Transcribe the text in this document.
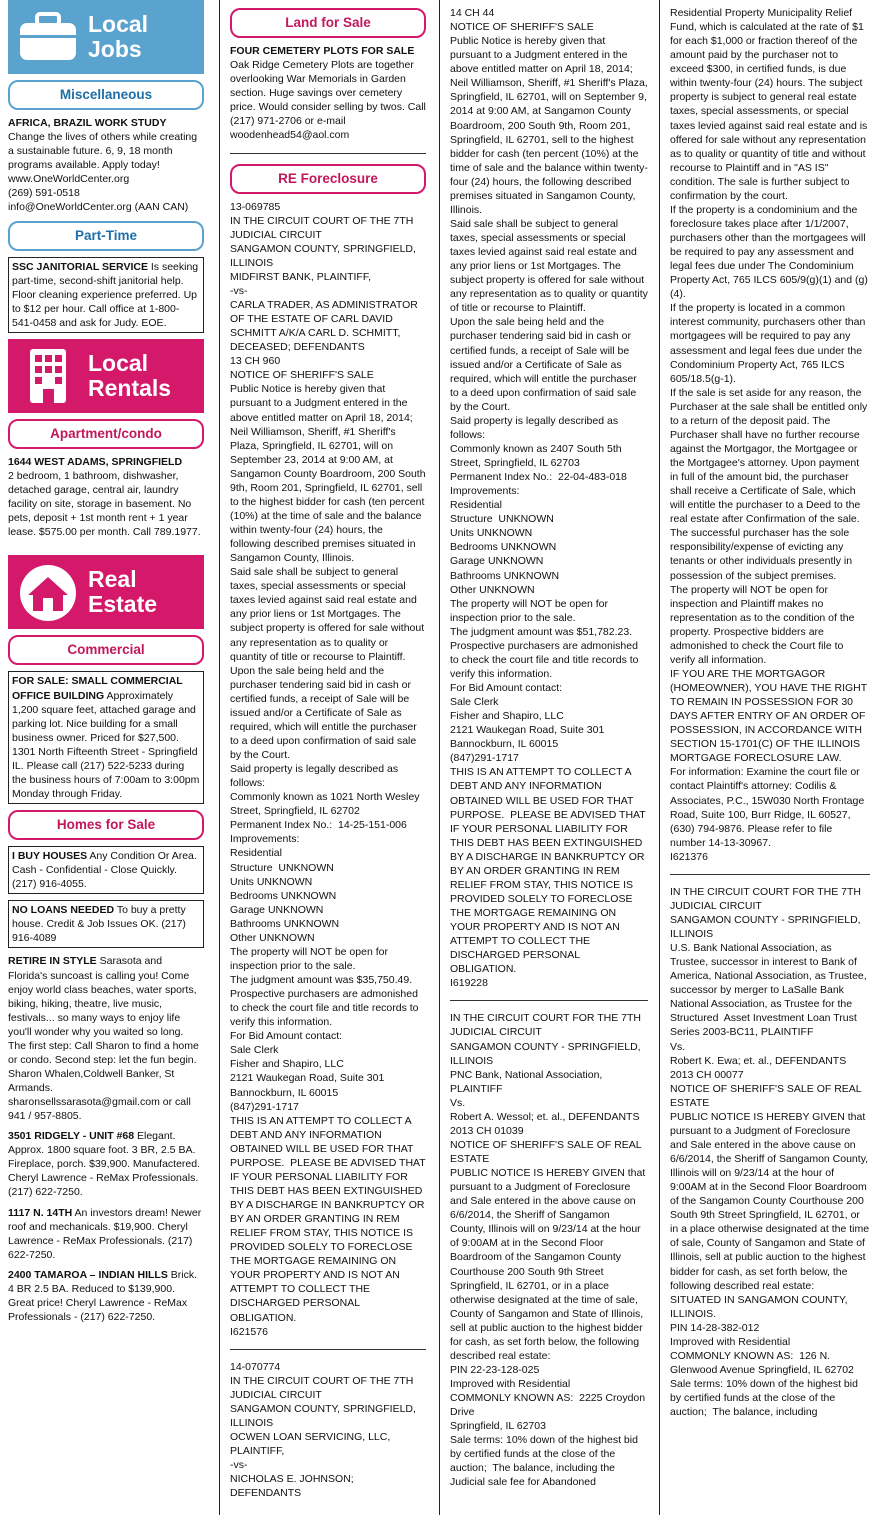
Local
Jobs
Miscellaneous
AFRICA, BRAZIL WORK STUDY Change the lives of others while creating a sustainable future. 6, 9, 18 month programs available. Apply today!
www.OneWorldCenter.org
(269) 591-0518 info@OneWorldCenter.org (AAN CAN)
Part-Time
SSC JANITORIAL SERVICE Is seeking part-time, second-shift janitorial help. Floor cleaning experience preferred. Up to $12 per hour. Call office at 1-800-541-0458 and ask for Judy. EOE.
Local
Rentals
Apartment/condo
1644 WEST ADAMS, SPRINGFIELD
2 bedroom, 1 bathroom, dishwasher, detached garage, central air, laundry facility on site, storage in basement. No pets, deposit + 1st month rent + 1 year lease. $575.00 per month. Call 789.1977.
Real
Estate
Commercial
FOR SALE: SMALL COMMERCIAL OFFICE BUILDING Approximately 1,200 square feet, attached garage and parking lot. Nice building for a small business owner. Priced for $27,500. 1301 North Fifteenth Street - Springfield IL. Please call (217) 522-5233 during the business hours of 7:00am to 3:00pm Monday through Friday.
Homes for Sale
I BUY HOUSES Any Condition Or Area. Cash - Confidential - Close Quickly. (217) 916-4055.
NO LOANS NEEDED To buy a pretty house. Credit & Job Issues OK. (217) 916-4089
RETIRE IN STYLE Sarasota and Florida's suncoast is calling you! Come enjoy world class beaches, water sports, biking, hiking, theatre, live music, festivals... so many ways to enjoy life you'll wonder why you waited so long. The first step: Call Sharon to find a home or condo. Second step: let the fun begin. Sharon Whalen,Coldwell Banker, St Armands. sharonsellssarasota@gmail.com or call 941 / 957-8805.
3501 RIDGELY - UNIT #68 Elegant. Approx. 1800 square foot. 3 BR, 2.5 BA. Fireplace, porch. $39,900. Manufactered. Cheryl Lawrence - ReMax Professionals. (217) 622-7250.
1117 N. 14TH An investors dream! Newer roof and mechanicals. $19,900. Cheryl Lawrence - ReMax Professionals. (217) 622-7250.
2400 TAMAROA – INDIAN HILLS Brick. 4 BR 2.5 BA. Reduced to $139,900. Great price! Cheryl Lawrence - ReMax Professionals - (217) 622-7250.
Land for Sale
FOUR CEMETERY PLOTS FOR SALE
Oak Ridge Cemetery Plots are together overlooking War Memorials in Garden section. Huge savings over cemetery price. Would consider selling by twos. Call (217) 971-2706 or e-mail woodenhead54@aol.com
RE Foreclosure
13-069785
IN THE CIRCUIT COURT OF THE 7TH JUDICIAL CIRCUIT
SANGAMON COUNTY, SPRINGFIELD, ILLINOIS
MIDFIRST BANK, PLAINTIFF,
-vs-
CARLA TRADER, AS ADMINISTRATOR OF THE ESTATE OF CARL DAVID SCHMITT A/K/A CARL D. SCHMITT, DECEASED; DEFENDANTS
13 CH 960
NOTICE OF SHERIFF'S SALE
Public Notice is hereby given that pursuant to a Judgment entered in the above entitled matter on April 18, 2014;
Neil Williamson, Sheriff, #1 Sheriff's Plaza, Springfield, IL 62701, will on September 23, 2014 at 9:00 AM, at Sangamon County Boardroom, 200 South 9th, Room 201, Springfield, IL 62701, sell to the highest bidder for cash (ten percent (10%) at the time of sale and the balance within twenty-four (24) hours, the following described premises situated in Sangamon County, Illinois.
Said sale shall be subject to general taxes, special assessments or special taxes levied against said real estate and any prior liens or 1st Mortgages. The subject property is offered for sale without any representation as to quality or quantity of title or recourse to Plaintiff.
Upon the sale being held and the purchaser tendering said bid in cash or certified funds, a receipt of Sale will be issued and/or a Certificate of Sale as required, which will entitle the purchaser to a deed upon confirmation of said sale by the Court.
Said property is legally described as follows:
Commonly known as 1021 North Wesley Street, Springfield, IL 62702
Permanent Index No.:  14-25-151-006
Improvements:
Residential
Structure  UNKNOWN
Units UNKNOWN
Bedrooms UNKNOWN
Garage UNKNOWN
Bathrooms UNKNOWN
Other UNKNOWN
The property will NOT be open for inspection prior to the sale.
The judgment amount was $35,750.49.
Prospective purchasers are admonished to check the court file and title records to verify this information.
For Bid Amount contact:
Sale Clerk
Fisher and Shapiro, LLC
2121 Waukegan Road, Suite 301
Bannockburn, IL 60015
(847)291-1717
THIS IS AN ATTEMPT TO COLLECT A DEBT AND ANY INFORMATION OBTAINED WILL BE USED FOR THAT PURPOSE.  PLEASE BE ADVISED THAT IF YOUR PERSONAL LIABILITY FOR THIS DEBT HAS BEEN EXTINGUISHED BY A DISCHARGE IN BANKRUPTCY OR BY AN ORDER GRANTING IN REM RELIEF FROM STAY, THIS NOTICE IS PROVIDED SOLELY TO FORECLOSE THE MORTGAGE REMAINING ON YOUR PROPERTY AND IS NOT AN ATTEMPT TO COLLECT THE DISCHARGED PERSONAL OBLIGATION.
I621576
14-070774
IN THE CIRCUIT COURT OF THE 7TH JUDICIAL CIRCUIT
SANGAMON COUNTY, SPRINGFIELD, ILLINOIS
OCWEN LOAN SERVICING, LLC, PLAINTIFF,
-vs-
NICHOLAS E. JOHNSON; DEFENDANTS
14 CH 44
NOTICE OF SHERIFF'S SALE
Public Notice is hereby given that pursuant to a Judgment entered in the above entitled matter on April 18, 2014;
Neil Williamson, Sheriff, #1 Sheriff's Plaza, Springfield, IL 62701, will on September 9, 2014 at 9:00 AM, at Sangamon County Boardroom, 200 South 9th, Room 201, Springfield, IL 62701, sell to the highest bidder for cash (ten percent (10%) at the time of sale and the balance within twenty-four (24) hours, the following described premises situated in Sangamon County, Illinois.
Said sale shall be subject to general taxes, special assessments or special taxes levied against said real estate and any prior liens or 1st Mortgages. The subject property is offered for sale without any representation as to quality or quantity of title or recourse to Plaintiff.
Upon the sale being held and the purchaser tendering said bid in cash or certified funds, a receipt of Sale will be issued and/or a Certificate of Sale as required, which will entitle the purchaser to a deed upon confirmation of said sale by the Court.
Said property is legally described as follows:
Commonly known as 2407 South 5th Street, Springfield, IL 62703
Permanent Index No.:  22-04-483-018
Improvements:
Residential
Structure  UNKNOWN
Units UNKNOWN
Bedrooms UNKNOWN
Garage UNKNOWN
Bathrooms UNKNOWN
Other UNKNOWN
The property will NOT be open for inspection prior to the sale.
The judgment amount was $51,782.23.
Prospective purchasers are admonished to check the court file and title records to verify this information.
For Bid Amount contact:
Sale Clerk
Fisher and Shapiro, LLC
2121 Waukegan Road, Suite 301
Bannockburn, IL 60015
(847)291-1717
THIS IS AN ATTEMPT TO COLLECT A DEBT AND ANY INFORMATION OBTAINED WILL BE USED FOR THAT PURPOSE.  PLEASE BE ADVISED THAT IF YOUR PERSONAL LIABILITY FOR THIS DEBT HAS BEEN EXTINGUISHED BY A DISCHARGE IN BANKRUPTCY OR BY AN ORDER GRANTING IN REM RELIEF FROM STAY, THIS NOTICE IS PROVIDED SOLELY TO FORECLOSE THE MORTGAGE REMAINING ON YOUR PROPERTY AND IS NOT AN ATTEMPT TO COLLECT THE DISCHARGED PERSONAL OBLIGATION.
I619228
IN THE CIRCUIT COURT FOR THE 7TH JUDICIAL CIRCUIT
SANGAMON COUNTY - SPRINGFIELD, ILLINOIS
PNC Bank, National Association, PLAINTIFF
Vs.
Robert A. Wessol; et. al., DEFENDANTS
2013 CH 01039
NOTICE OF SHERIFF'S SALE OF REAL ESTATE
PUBLIC NOTICE IS HEREBY GIVEN that pursuant to a Judgment of Foreclosure and Sale entered in the above cause on 6/6/2014, the Sheriff of Sangamon County, Illinois will on 9/23/14 at the hour of 9:00AM at in the Second Floor Boardroom of the Sangamon County Courthouse 200 South 9th Street Springfield, IL 62701, or in a place otherwise designated at the time of sale, County of Sangamon and State of Illinois, sell at public auction to the highest bidder for cash, as set forth below, the following described real estate:
PIN 22-23-128-025
Improved with Residential
COMMONLY KNOWN AS:  2225 Croydon Drive
Springfield, IL 62703
Sale terms: 10% down of the highest bid by certified funds at the close of the auction;  The balance, including the Judicial sale fee for Abandoned
Residential Property Municipality Relief Fund, which is calculated at the rate of $1 for each $1,000 or fraction thereof of the amount paid by the purchaser not to exceed $300, in certified funds, is due within twenty-four (24) hours. The subject property is subject to general real estate taxes, special assessments, or special taxes levied against said real estate and is offered for sale without any representation as to quality or quantity of title and without recourse to Plaintiff and in "AS IS" condition. The sale is further subject to confirmation by the court.
If the property is a condominium and the foreclosure takes place after 1/1/2007, purchasers other than the mortgagees will be required to pay any assessment and legal fees due under The Condominium Property Act, 765 ILCS 605/9(g)(1) and (g)(4).
If the property is located in a common interest community, purchasers other than mortgagees will be required to pay any assessment and legal fees due under the Condominium Property Act, 765 ILCS 605/18.5(g-1).
If the sale is set aside for any reason, the Purchaser at the sale shall be entitled only to a return of the deposit paid. The Purchaser shall have no further recourse against the Mortgagor, the Mortgagee or the Mortgagee's attorney. Upon payment in full of the amount bid, the purchaser shall receive a Certificate of Sale, which will entitle the purchaser to a Deed to the real estate after Confirmation of the sale.  The successful purchaser has the sole responsibility/expense of evicting any tenants or other individuals presently in possession of the subject premises.
The property will NOT be open for inspection and Plaintiff makes no representation as to the condition of the property. Prospective bidders are admonished to check the Court file to verify all information.
IF YOU ARE THE MORTGAGOR (HOMEOWNER), YOU HAVE THE RIGHT TO REMAIN IN POSSESSION FOR 30 DAYS AFTER ENTRY OF AN ORDER OF POSSESSION, IN ACCORDANCE WITH SECTION 15-1701(C) OF THE ILLINOIS MORTGAGE FORECLOSURE LAW.
For information: Examine the court file or contact Plaintiff's attorney: Codilis & Associates, P.C., 15W030 North Frontage Road, Suite 100, Burr Ridge, IL 60527, (630) 794-9876. Please refer to file number 14-13-30967.
I621376
IN THE CIRCUIT COURT FOR THE 7TH JUDICIAL CIRCUIT
SANGAMON COUNTY - SPRINGFIELD, ILLINOIS
U.S. Bank National Association, as Trustee, successor in interest to Bank of America, National Association, as Trustee, successor by merger to LaSalle Bank National Association, as Trustee for the Structured  Asset Investment Loan Trust Series 2003-BC11, PLAINTIFF
Vs.
Robert K. Ewa; et. al., DEFENDANTS
2013 CH 00077
NOTICE OF SHERIFF'S SALE OF REAL ESTATE
PUBLIC NOTICE IS HEREBY GIVEN that pursuant to a Judgment of Foreclosure and Sale entered in the above cause on 6/6/2014, the Sheriff of Sangamon County, Illinois will on 9/23/14 at the hour of 9:00AM at in the Second Floor Boardroom of the Sangamon County Courthouse 200 South 9th Street Springfield, IL 62701, or in a place otherwise designated at the time of sale, County of Sangamon and State of Illinois, sell at public auction to the highest bidder for cash, as set forth below, the following described real estate:
SITUATED IN SANGAMON COUNTY, ILLINOIS.
PIN 14-28-382-012
Improved with Residential
COMMONLY KNOWN AS:  126 N. Glenwood Avenue Springfield, IL 62702
Sale terms: 10% down of the highest bid by certified funds at the close of the auction;  The balance, including
